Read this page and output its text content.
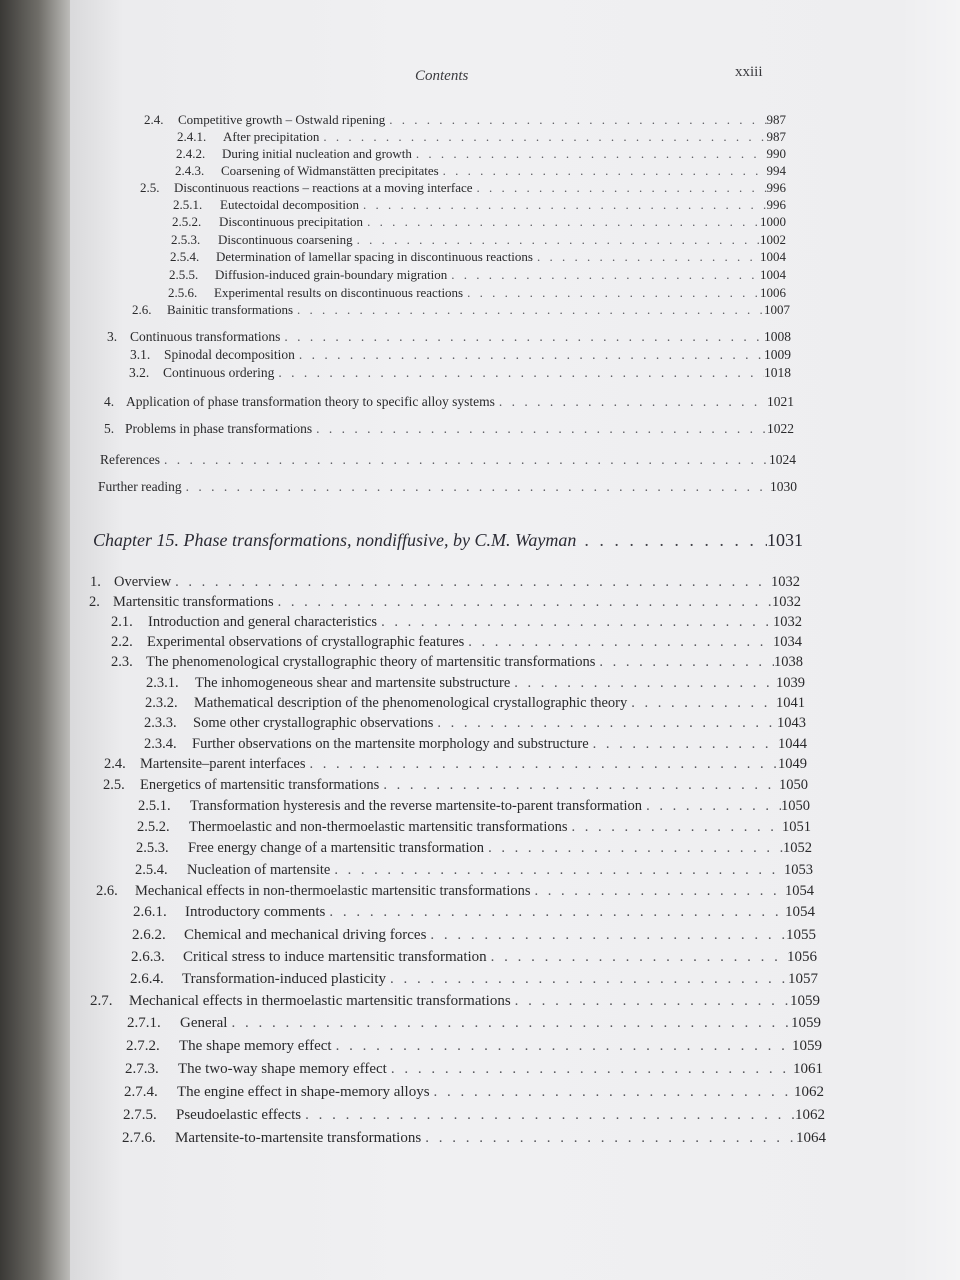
Contents	xxiii
2.4.	Competitive growth – Ostwald ripening . . .	987
2.4.1.	After precipitation . . .	987
2.4.2.	During initial nucleation and growth . . .	990
2.4.3.	Coarsening of Widmanstätten precipitates . . .	994
2.5.	Discontinuous reactions – reactions at a moving interface . . .	996
2.5.1.	Eutectoidal decomposition . . .	996
2.5.2.	Discontinuous precipitation . . .	1000
2.5.3.	Discontinuous coarsening . . .	1002
2.5.4.	Determination of lamellar spacing in discontinuous reactions . . .	1004
2.5.5.	Diffusion-induced grain-boundary migration . . .	1004
2.5.6.	Experimental results on discontinuous reactions . . .	1006
2.6.	Bainitic transformations . . .	1007
3. Continuous transformations . . .	1008
3.1.	Spinodal decomposition . . .	1009
3.2.	Continuous ordering . . .	1018
4. Application of phase transformation theory to specific alloy systems . . .	1021
5. Problems in phase transformations . . .	1022
References . . .	1024
Further reading . . .	1030
1. Overview . . .	1032
2. Martensitic transformations . . .	1032
2.1.	Introduction and general characteristics . . .	1032
2.2. Experimental observations of crystallographic features . . .	1034
2.3. The phenomenological crystallographic theory of martensitic transformations . . .	1038
2.3.1.	The inhomogeneous shear and martensite substructure . . .	1039
2.3.2.	Mathematical description of the phenomenological crystallographic theory . . .	1041
2.3.3.	Some other crystallographic observations . . .	1043
2.3.4.	Further observations on the martensite morphology and substructure . . .	1044
2.4. Martensite–parent interfaces . . .	1049
2.5.	Energetics of martensitic transformations . . .	1050
2.5.1.	Transformation hysteresis and the reverse martensite-to-parent transformation . . .	1050
2.5.2.	Thermoelastic and non-thermoelastic martensitic transformations . . .	1051
2.5.3.	Free energy change of a martensitic transformation . . .	1052
2.5.4.	Nucleation of martensite . . .	1053
2.6.	Mechanical effects in non-thermoelastic martensitic transformations . . .	1054
2.6.1.	Introductory comments . . .	1054
2.6.2.	Chemical and mechanical driving forces . . .	1055
2.6.3.	Critical stress to induce martensitic transformation . . .	1056
2.6.4.	Transformation-induced plasticity . . .	1057
2.7.	Mechanical effects in thermoelastic martensitic transformations . . .	1059
2.7.1.	General . . .	1059
2.7.2.	The shape memory effect . . .	1059
2.7.3.	The two-way shape memory effect . . .	1061
2.7.4.	The engine effect in shape-memory alloys . . .	1062
2.7.5.	Pseudoelastic effects . . .	1062
2.7.6.	Martensite-to-martensite transformations . . .	1064
Chapter 15. Phase transformations, nondiffusive, by C.M. Wayman . . .	1031
